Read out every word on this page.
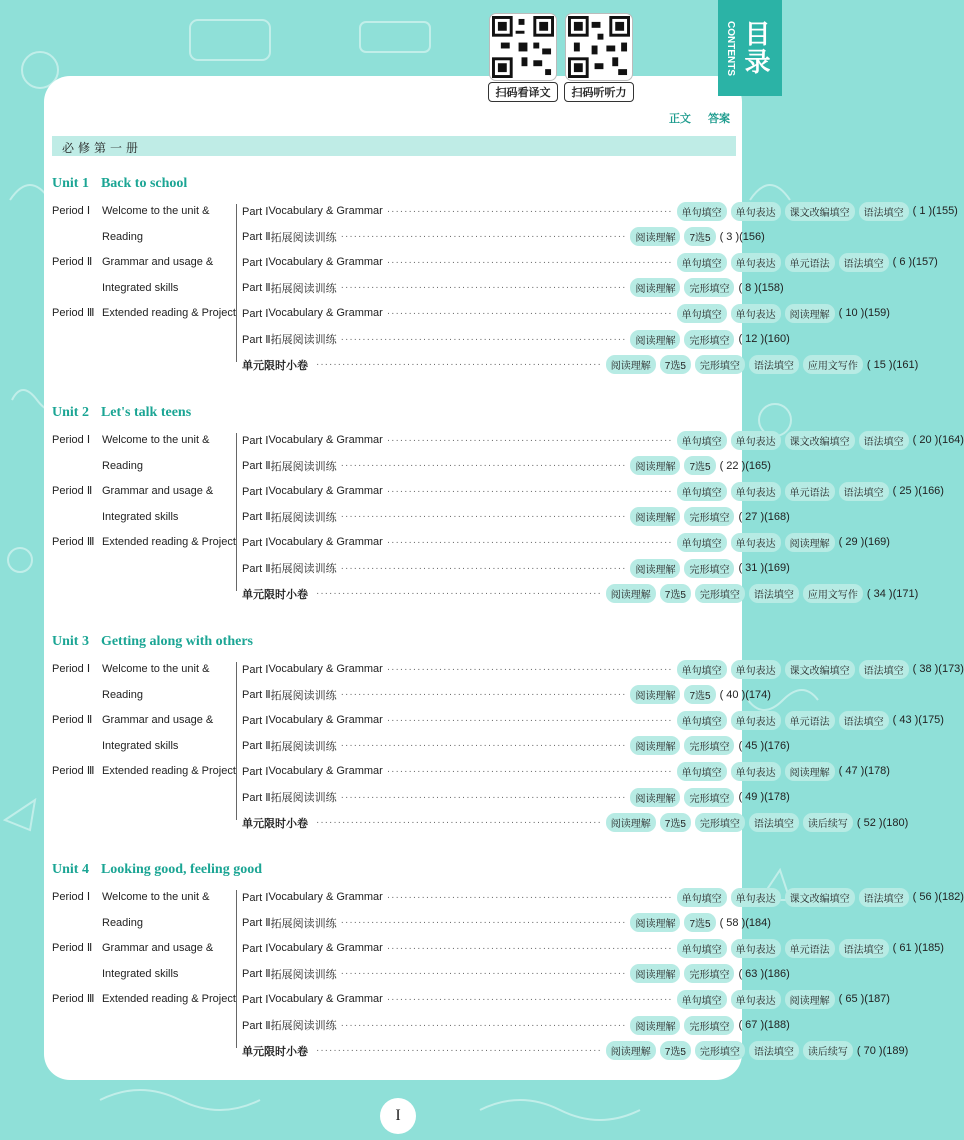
扫码看译文	扫码听听力
CONTENTS 目录
正文 答案
必修第一册
Unit 1 Back to school
Period Ⅰ Welcome to the unit &
Reading
Period Ⅱ Grammar and usage &
Integrated skills
Period Ⅲ Extended reading & Project
Part Ⅰ Vocabulary & Grammar ·································································· 单句填空	单句表达	课文改编填空	语法填空 ( 1 )(155)
Part Ⅱ 拓展阅读训练 ·································································· 阅读理解	7选5 ( 3 )(156)
Part Ⅰ Vocabulary & Grammar ·································································· 单句填空	单句表达	单元语法	语法填空 ( 6 )(157)
Part Ⅱ 拓展阅读训练 ·································································· 阅读理解	完形填空 ( 8 )(158)
Part Ⅰ Vocabulary & Grammar ·································································· 单句填空	单句表达	阅读理解 ( 10 )(159)
Part Ⅱ 拓展阅读训练 ·································································· 阅读理解	完形填空 ( 12 )(160)
单元限时小卷 ·································································· 阅读理解	7选5	完形填空	语法填空	应用文写作 ( 15 )(161)
Unit 2 Let's talk teens
Period Ⅰ Welcome to the unit &
Reading
Period Ⅱ Grammar and usage &
Integrated skills
Period Ⅲ Extended reading & Project
Part Ⅰ Vocabulary & Grammar ·································································· 单句填空	单句表达	课文改编填空	语法填空 ( 20 )(164)
Part Ⅱ 拓展阅读训练 ·································································· 阅读理解	7选5 ( 22 )(165)
Part Ⅰ Vocabulary & Grammar ·································································· 单句填空	单句表达	单元语法	语法填空 ( 25 )(166)
Part Ⅱ 拓展阅读训练 ·································································· 阅读理解	完形填空 ( 27 )(168)
Part Ⅰ Vocabulary & Grammar ·································································· 单句填空	单句表达	阅读理解 ( 29 )(169)
Part Ⅱ 拓展阅读训练 ·································································· 阅读理解	完形填空 ( 31 )(169)
单元限时小卷 ·································································· 阅读理解	7选5	完形填空	语法填空	应用文写作 ( 34 )(171)
Unit 3 Getting along with others
Period Ⅰ Welcome to the unit &
Reading
Period Ⅱ Grammar and usage &
Integrated skills
Period Ⅲ Extended reading & Project
Part Ⅰ Vocabulary & Grammar ·································································· 单句填空	单句表达	课文改编填空	语法填空 ( 38 )(173)
Part Ⅱ 拓展阅读训练 ·································································· 阅读理解	7选5 ( 40 )(174)
Part Ⅰ Vocabulary & Grammar ·································································· 单句填空	单句表达	单元语法	语法填空 ( 43 )(175)
Part Ⅱ 拓展阅读训练 ·································································· 阅读理解	完形填空 ( 45 )(176)
Part Ⅰ Vocabulary & Grammar ·································································· 单句填空	单句表达	阅读理解 ( 47 )(178)
Part Ⅱ 拓展阅读训练 ·································································· 阅读理解	完形填空 ( 49 )(178)
单元限时小卷 ·································································· 阅读理解	7选5	完形填空	语法填空	读后续写 ( 52 )(180)
Unit 4 Looking good, feeling good
Period Ⅰ Welcome to the unit &
Reading
Period Ⅱ Grammar and usage &
Integrated skills
Period Ⅲ Extended reading & Project
Part Ⅰ Vocabulary & Grammar ·································································· 单句填空	单句表达	课文改编填空	语法填空 ( 56 )(182)
Part Ⅱ 拓展阅读训练 ·································································· 阅读理解	7选5 ( 58 )(184)
Part Ⅰ Vocabulary & Grammar ·································································· 单句填空	单句表达	单元语法	语法填空 ( 61 )(185)
Part Ⅱ 拓展阅读训练 ·································································· 阅读理解	完形填空 ( 63 )(186)
Part Ⅰ Vocabulary & Grammar ·································································· 单句填空	单句表达	阅读理解 ( 65 )(187)
Part Ⅱ 拓展阅读训练 ·································································· 阅读理解	完形填空 ( 67 )(188)
单元限时小卷 ·································································· 阅读理解	7选5	完形填空	语法填空	读后续写 ( 70 )(189)
I
